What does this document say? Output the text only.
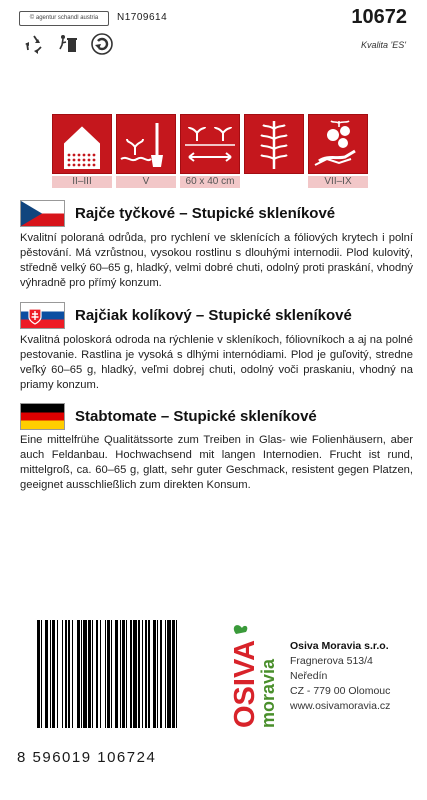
© agentur schandl austria	N1709614	10672
Kvalita 'ES'
II–III	V	60 x 40 cm	VII–IX
Rajče tyčkové – Stupické skleníkové
Kvalitní poloraná odrůda, pro rychlení ve sklenících a fóliových krytech i polní pěstování. Má vzrůstnou, vysokou rostlinu s dlouhými internodii. Plod kulovitý, středně velký 60–65 g, hladký, velmi dobré chuti, odolný proti praskání, vhodný výhradně pro přímý konzum.
Rajčiak kolíkový – Stupické skleníkové
Kvalitná poloskorá odroda na rýchlenie v skleníkoch, fóliovníkoch a aj na polné pestovanie. Rastlina je vysoká s dlhými internódiami. Plod je guľovitý, stredne veľký 60–65 g, hladký, veľmi dobrej chuti, odolný voči praskaniu, vhodný na priamy konzum.
Stabtomate – Stupické skleníkové
Eine mittelfrühe Qualitätssorte zum Treiben in Glas- wie Folienhäusern, aber auch Feldanbau. Hochwachsend mit langen Internodien. Frucht ist rund, mittelgroß, ca. 60–65 g, glatt, sehr guter Geschmack, resistent gegen Platzen, geeignet ausschließlich zum direkten Konsum.
8 596019 106724
OSIVA
moravia
Osiva Moravia s.r.o.
Fragnerova 513/4
Neředín
CZ - 779 00 Olomouc
www.osivamoravia.cz
